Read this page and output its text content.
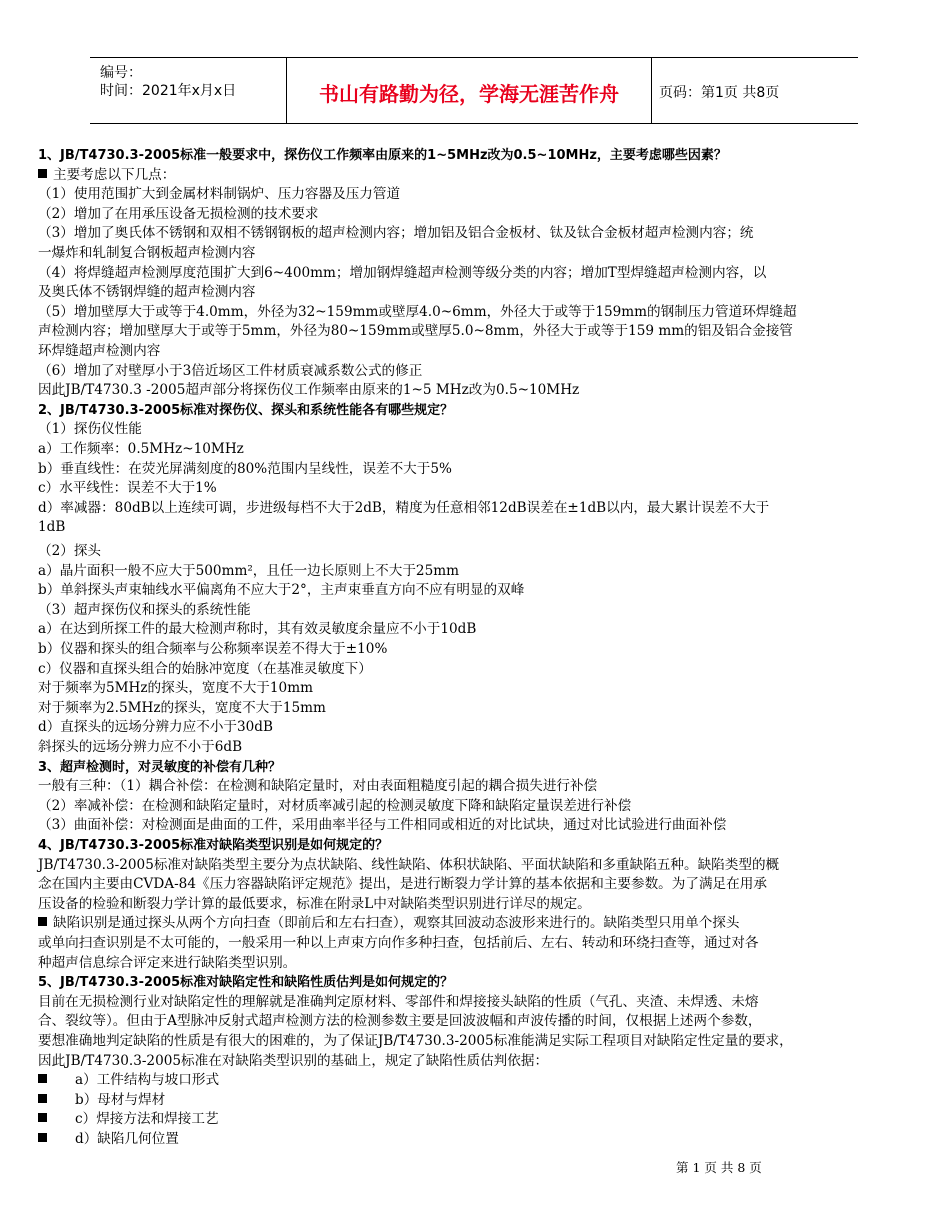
编号：
时间：2021年x月x日	书山有路勤为径，学海无涯苦作舟	页码：第1页 共8页
1、JB/T4730.3-2005标准一般要求中，探伤仪工作频率由原来的1~5MHz改为0.5~10MHz，主要考虑哪些因素？
主要考虑以下几点：
（1）使用范围扩大到金属材料制锅炉、压力容器及压力管道
（2）增加了在用承压设备无损检测的技术要求
（3）增加了奥氏体不锈钢和双相不锈钢钢板的超声检测内容；增加铝及铝合金板材、钛及钛合金板材超声检测内容；统
一爆炸和轧制复合钢板超声检测内容
（4）将焊缝超声检测厚度范围扩大到6~400mm；增加钢焊缝超声检测等级分类的内容；增加T型焊缝超声检测内容，以
及奥氏体不锈钢焊缝的超声检测内容
（5）增加壁厚大于或等于4.0mm，外径为32~159mm或壁厚4.0~6mm，外径大于或等于159mm的钢制压力管道环焊缝超
声检测内容；增加壁厚大于或等于5mm，外径为80~159mm或壁厚5.0~8mm，外径大于或等于159 mm的铝及铝合金接管
环焊缝超声检测内容
（6）增加了对壁厚小于3倍近场区工件材质衰减系数公式的修正
因此JB/T4730.3 -2005超声部分将探伤仪工作频率由原来的1~5 MHz改为0.5~10MHz
2、JB/T4730.3-2005标准对探伤仪、探头和系统性能各有哪些规定？
（1）探伤仪性能
a）工作频率：0.5MHz~10MHz
b）垂直线性：在荧光屏满刻度的80%范围内呈线性，误差不大于5%
c）水平线性：误差不大于1%
d）率减器：80dB以上连续可调，步进级每档不大于2dB，精度为任意相邻12dB误差在±1dB以内，最大累计误差不大于
1dB
（2）探头
a）晶片面积一般不应大于500mm²，且任一边长原则上不大于25mm
b）单斜探头声束轴线水平偏离角不应大于2°，主声束垂直方向不应有明显的双峰
（3）超声探伤仪和探头的系统性能
a）在达到所探工件的最大检测声称时，其有效灵敏度余量应不小于10dB
b）仪器和探头的组合频率与公称频率误差不得大于±10%
c）仪器和直探头组合的始脉冲宽度（在基准灵敏度下）
对于频率为5MHz的探头，宽度不大于10mm
对于频率为2.5MHz的探头，宽度不大于15mm
d）直探头的远场分辨力应不小于30dB
斜探头的远场分辨力应不小于6dB
3、超声检测时，对灵敏度的补偿有几种？
一般有三种：（1）耦合补偿：在检测和缺陷定量时，对由表面粗糙度引起的耦合损失进行补偿
（2）率减补偿：在检测和缺陷定量时，对材质率减引起的检测灵敏度下降和缺陷定量误差进行补偿
（3）曲面补偿：对检测面是曲面的工件，采用曲率半径与工件相同或相近的对比试块，通过对比试验进行曲面补偿
4、JB/T4730.3-2005标准对缺陷类型识别是如何规定的？
JB/T4730.3-2005标准对缺陷类型主要分为点状缺陷、线性缺陷、体积状缺陷、平面状缺陷和多重缺陷五种。缺陷类型的概
念在国内主要由CVDA-84《压力容器缺陷评定规范》提出，是进行断裂力学计算的基本依据和主要参数。为了满足在用承
压设备的检验和断裂力学计算的最低要求，标准在附录L中对缺陷类型识别进行详尽的规定。
缺陷识别是通过探头从两个方向扫查（即前后和左右扫查），观察其回波动态波形来进行的。缺陷类型只用单个探头
或单向扫查识别是不太可能的，一般采用一种以上声束方向作多种扫查，包括前后、左右、转动和环绕扫查等，通过对各
种超声信息综合评定来进行缺陷类型识别。
5、JB/T4730.3-2005标准对缺陷定性和缺陷性质估判是如何规定的？
目前在无损检测行业对缺陷定性的理解就是准确判定原材料、零部件和焊接接头缺陷的性质（气孔、夹渣、未焊透、未熔
合、裂纹等）。但由于A型脉冲反射式超声检测方法的检测参数主要是回波波幅和声波传播的时间，仅根据上述两个参数，
要想准确地判定缺陷的性质是有很大的困难的，为了保证JB/T4730.3-2005标准能满足实际工程项目对缺陷定性定量的要求，
因此JB/T4730.3-2005标准在对缺陷类型识别的基础上，规定了缺陷性质估判依据：
a）工件结构与坡口形式
b）母材与焊材
c）焊接方法和焊接工艺
d）缺陷几何位置
第 1 页 共 8 页
